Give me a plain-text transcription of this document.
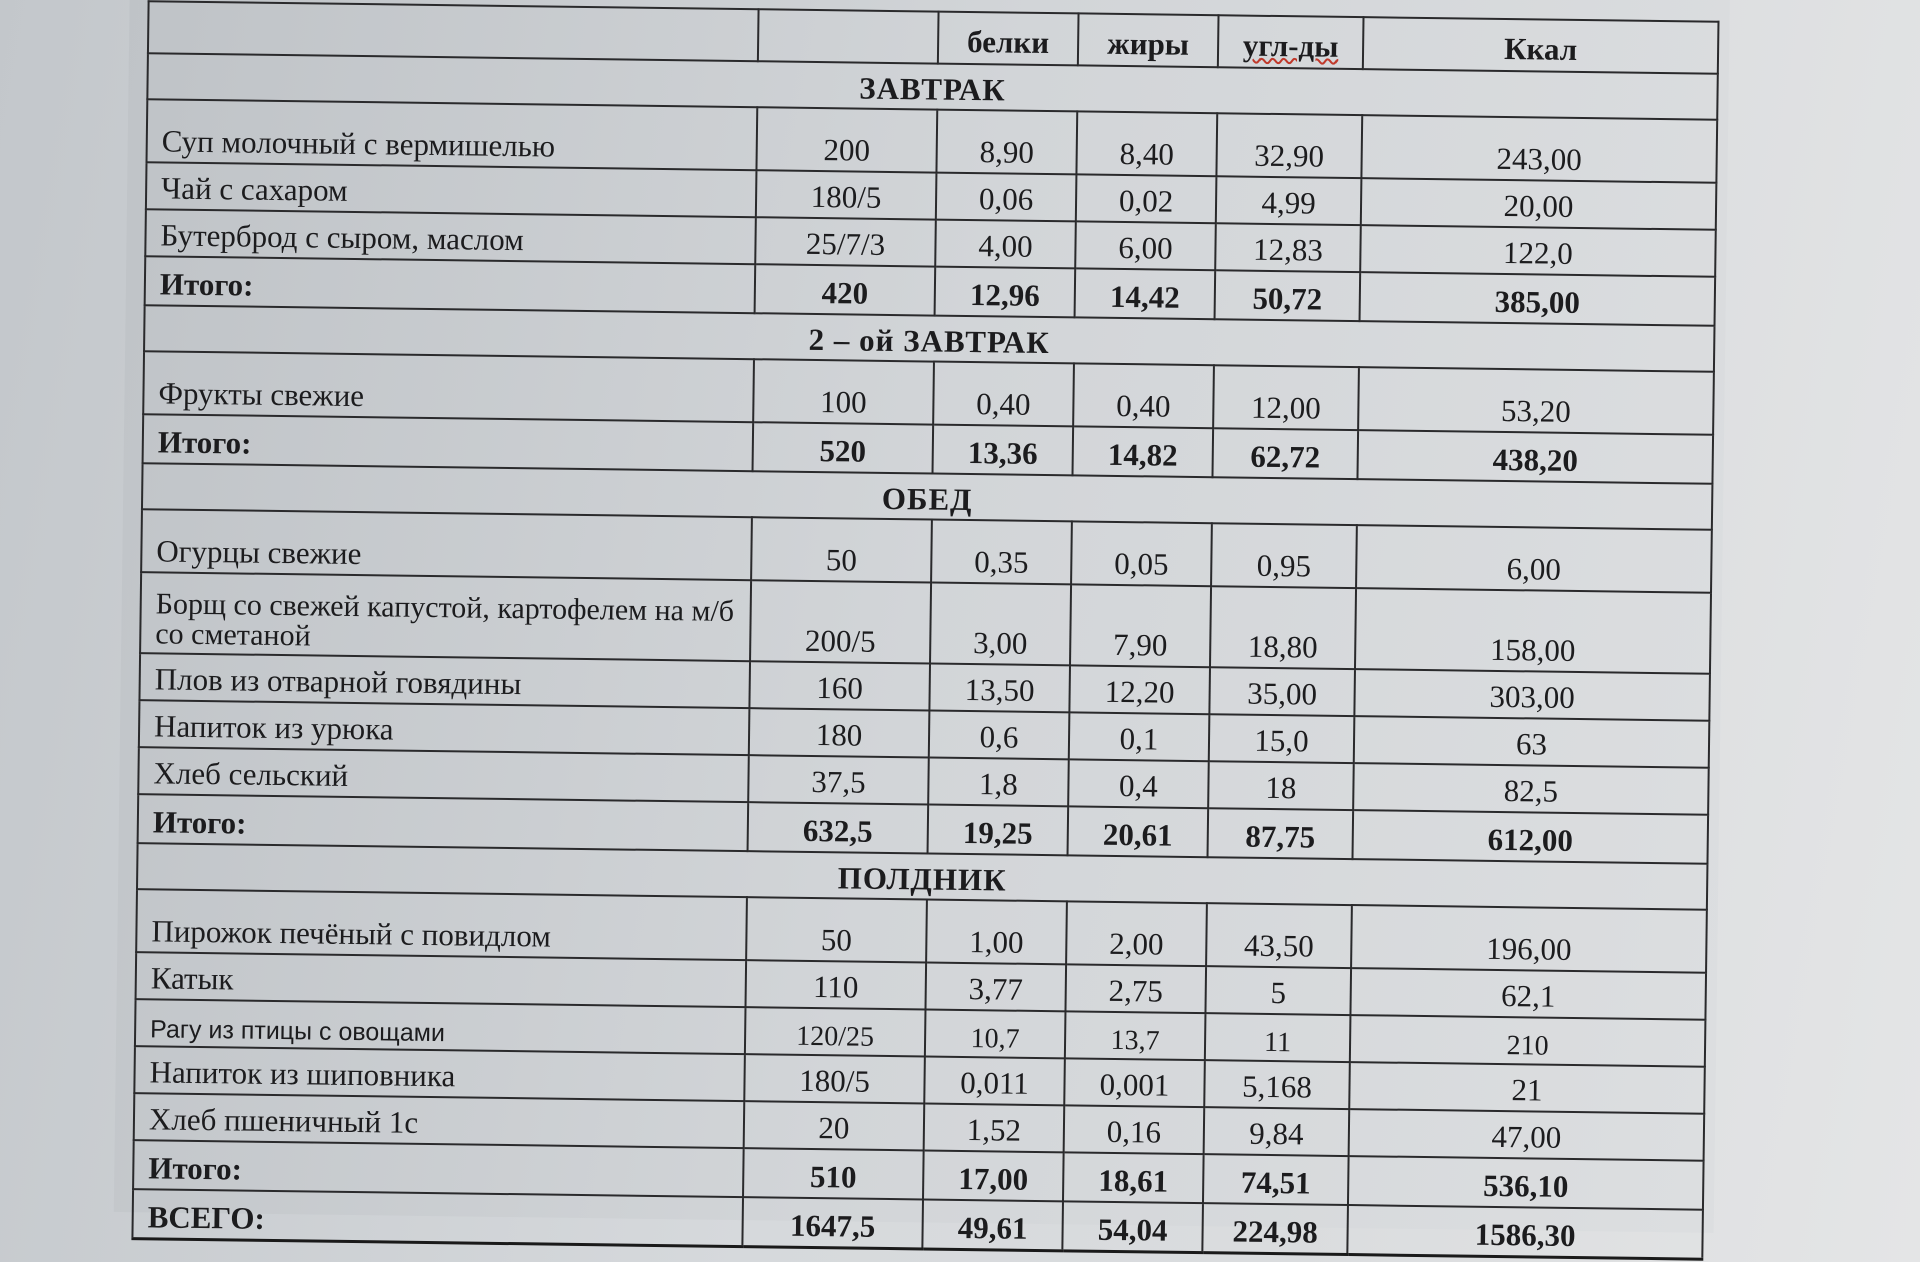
		белки	жиры	угл-ды	Ккал
ЗАВТРАК					
Суп молочный с вермишелью	200	8,90	8,40	32,90	243,00
Чай с сахаром	180/5	0,06	0,02	4,99	20,00
Бутерброд с сыром, маслом	25/7/3	4,00	6,00	12,83	122,0
Итого:	420	12,96	14,42	50,72	385,00
2 – ой ЗАВТРАК					
Фрукты свежие	100	0,40	0,40	12,00	53,20
Итого:	520	13,36	14,82	62,72	438,20
ОБЕД					
Огурцы свежие	50	0,35	0,05	0,95	6,00
Борщ со свежей капустой, картофелем на м/б со сметаной	200/5	3,00	7,90	18,80	158,00
Плов из отварной говядины	160	13,50	12,20	35,00	303,00
Напиток из урюка	180	0,6	0,1	15,0	63
Хлеб сельский	37,5	1,8	0,4	18	82,5
Итого:	632,5	19,25	20,61	87,75	612,00
ПОЛДНИК					
Пирожок печёный с повидлом	50	1,00	2,00	43,50	196,00
Катык	110	3,77	2,75	5	62,1
Рагу из птицы с овощами	120/25	10,7	13,7	11	210
Напиток из шиповника	180/5	0,011	0,001	5,168	21
Хлеб пшеничный 1с	20	1,52	0,16	9,84	47,00
Итого:	510	17,00	18,61	74,51	536,10
ВСЕГО:	1647,5	49,61	54,04	224,98	1586,30
